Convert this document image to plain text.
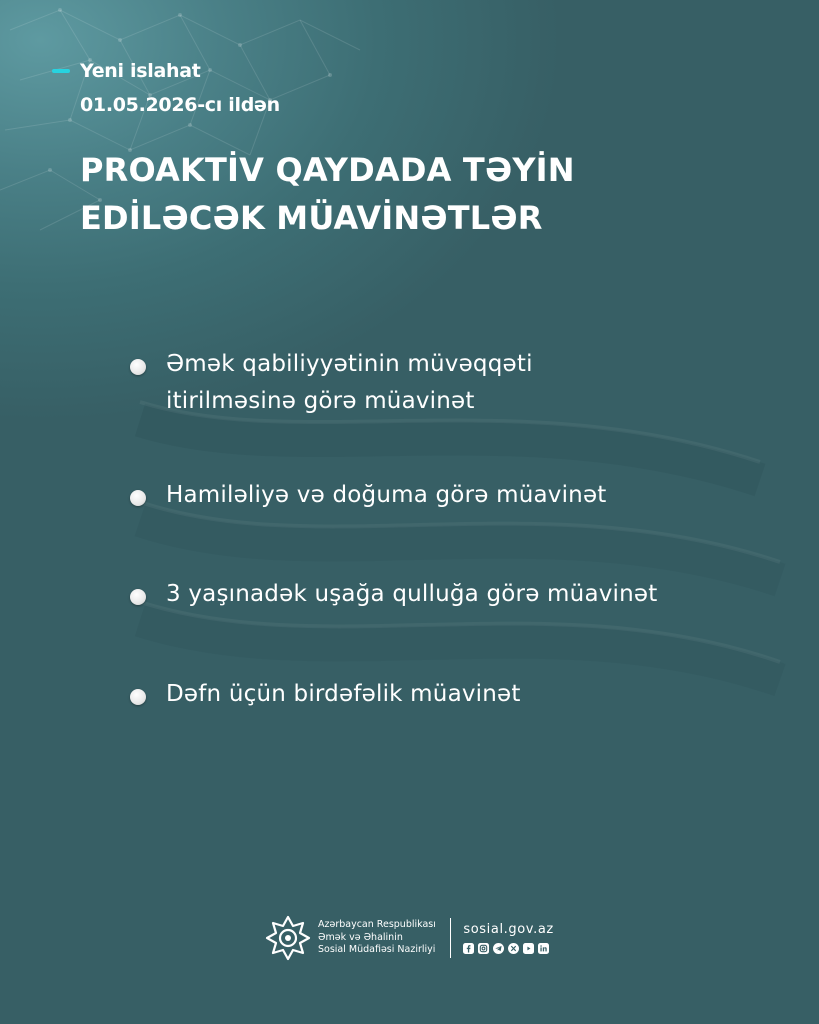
Yeni islahat
01.05.2026-cı ildən
PROAKTİV QAYDADA TƏYİN
EDİLƏCƏK MÜAVİNƏTLƏR
Əmək qabiliyyətinin müvəqqəti
itirilməsinə görə müavinət
Hamiləliyə və doğuma görə müavinət
3 yaşınadək uşağa qulluğa görə müavinət
Dəfn üçün birdəfəlik müavinət
Azərbaycan Respublikası
Əmək və Əhalinin
Sosial Müdafiəsi Nazirliyi
sosial.gov.az
